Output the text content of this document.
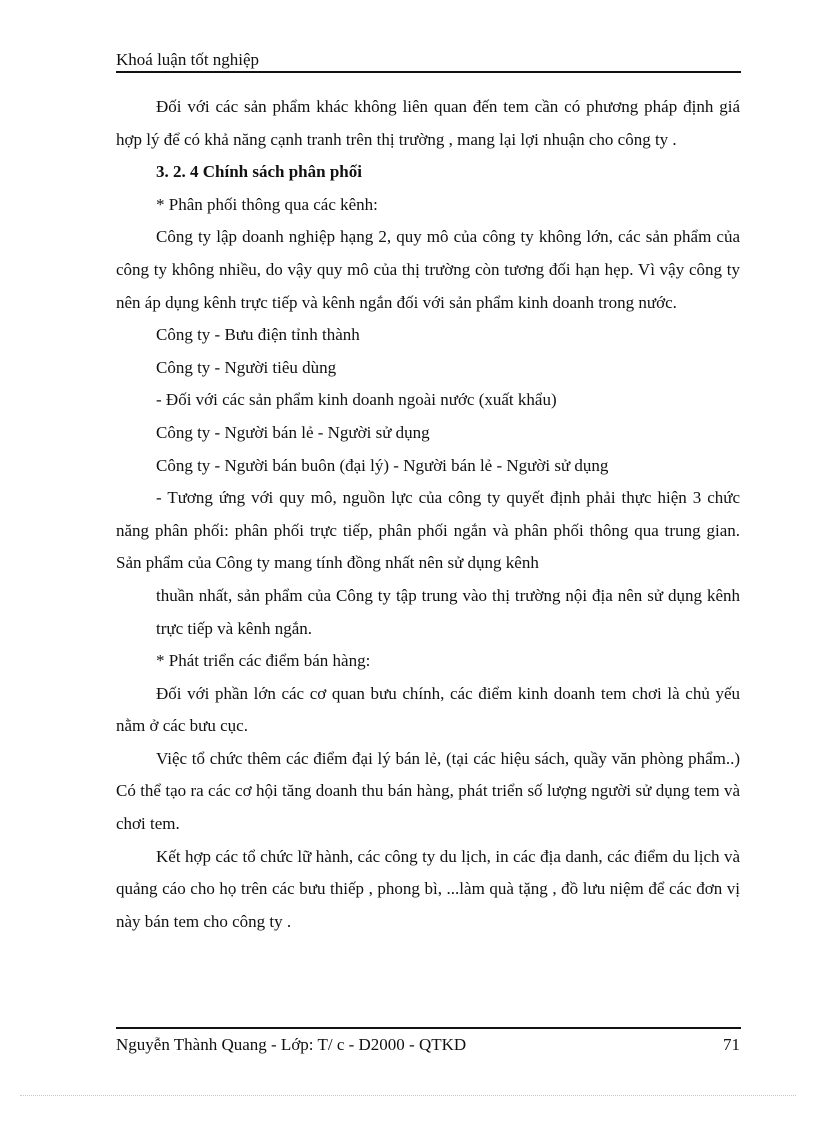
Khoá luận tốt nghiệp

Đối với các sản phẩm khác không liên quan đến tem cần có phương pháp định giá hợp lý để có khả năng cạnh tranh trên thị trường , mang lại lợi nhuận cho công ty .

3. 2. 4 Chính sách phân phối

* Phân phối thông qua các kênh:

Công ty lập doanh nghiệp hạng 2, quy mô của công ty không lớn, các sản phẩm của công ty không nhiều, do vậy quy mô của thị trường còn tương đối hạn hẹp. Vì vậy công ty nên áp dụng kênh trực tiếp và kênh ngắn đối với sản phẩm kinh doanh trong nước.

Công ty - Bưu điện tỉnh thành

Công ty - Người tiêu dùng

- Đối với các sản phẩm kinh doanh ngoài nước (xuất khẩu)

Công ty - Người bán lẻ - Người sử dụng

Công ty - Người bán buôn (đại lý) - Người bán lẻ - Người sử dụng

- Tương ứng với quy mô, nguồn lực của công ty quyết định phải thực hiện 3 chức năng phân phối: phân phối trực tiếp, phân phối ngắn và phân phối thông qua trung gian. Sản phẩm của Công ty mang tính đồng nhất nên sử dụng kênh

thuần nhất, sản phẩm của Công ty tập trung vào thị trường nội địa nên sử dụng kênh trực tiếp và kênh ngắn.

* Phát triển các điểm bán hàng:

Đối với phần lớn các cơ quan bưu chính, các điểm kinh doanh tem chơi là chủ yếu nằm ở các bưu cục.

Việc tổ chức thêm các điểm đại lý bán lẻ, (tại các hiệu sách, quầy văn phòng phẩm..) Có thể tạo ra các cơ hội tăng doanh thu bán hàng, phát triển số lượng người sử dụng tem và chơi tem.

Kết hợp các tổ chức lữ hành, các công ty du lịch, in các địa danh, các điểm du lịch và quảng cáo cho họ trên các bưu thiếp , phong bì, ...làm quà tặng , đồ lưu niệm để các đơn vị này bán tem cho công ty .

Nguyễn Thành Quang - Lớp: T/ c - D2000 - QTKD	71
